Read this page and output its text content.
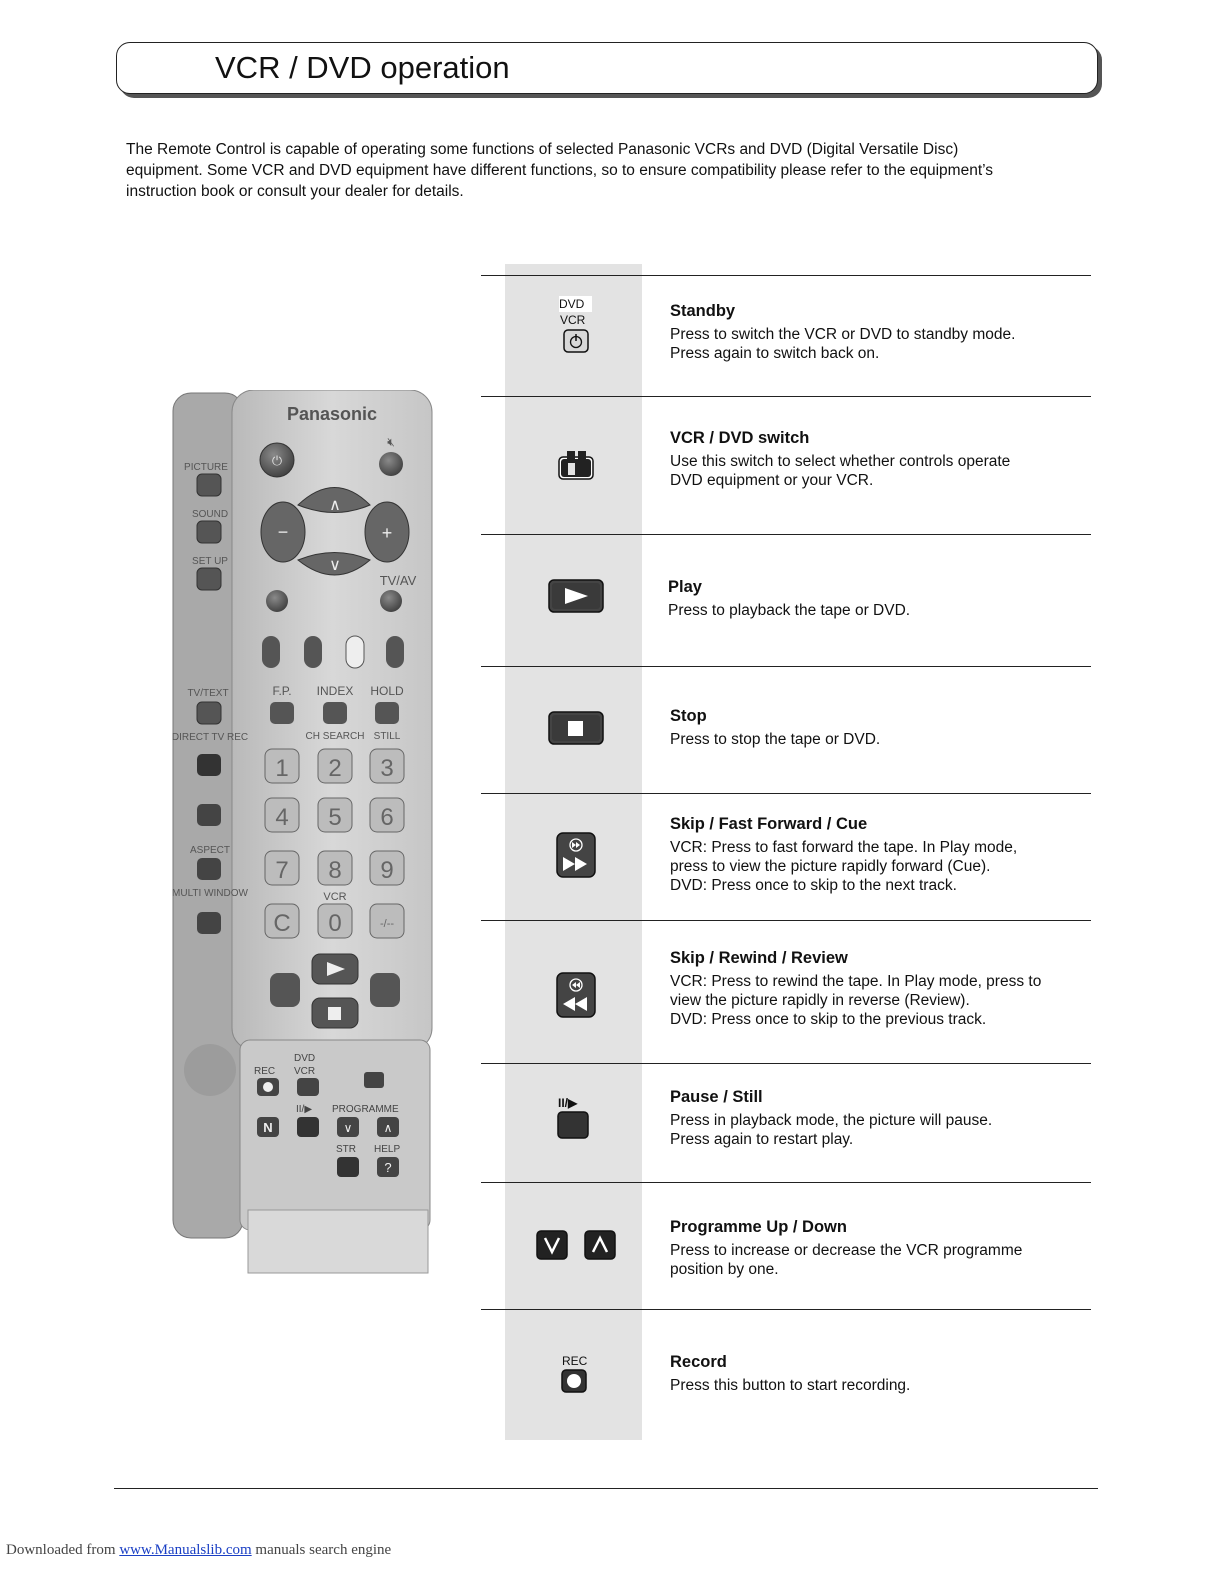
VCR / DVD operation
The Remote Control is capable of operating some functions of selected Panasonic VCRs and DVD (Digital Versatile Disc)
equipment. Some VCR and DVD equipment have different functions, so to ensure compatibility please refer to the equipment’s
instruction book or consult your dealer for details.
Panasonic
⏻
🔇︎
PICTURE
SOUND
SET UP
TV/TEXT
DIRECT TV REC
ASPECT
MULTI WINDOW
−	+
∧
∨
TV/AV
F.P. INDEX HOLD
CH SEARCH STILL
1 2 3
4 5 6
7 8 9
C 0	-/--
VCR
DVD
REC VCR
II/▶ PROGRAMME
STR HELP
N	∨	∧
?
DVD
VCR	Standby
Press to switch the VCR or DVD to standby mode.
Press again to switch back on.
VCR / DVD switch
Use this switch to select whether controls operate
DVD equipment or your VCR.
Play
Press to playback the tape or DVD.
Stop
Press to stop the tape or DVD.
Skip / Fast Forward / Cue
VCR: Press to fast forward the tape. In Play mode,
press to view the picture rapidly forward (Cue).
DVD: Press once to skip to the next track.
Skip / Rewind / Review
VCR: Press to rewind the tape. In Play mode, press to
view the picture rapidly in reverse (Review).
DVD: Press once to skip to the previous track.
II/▶	Pause / Still
Press in playback mode, the picture will pause.
Press again to restart play.
Programme Up / Down
Press to increase or decrease the VCR programme
position by one.
REC	Record
Press this button to start recording.
Downloaded from www.Manualslib.com manuals search engine
